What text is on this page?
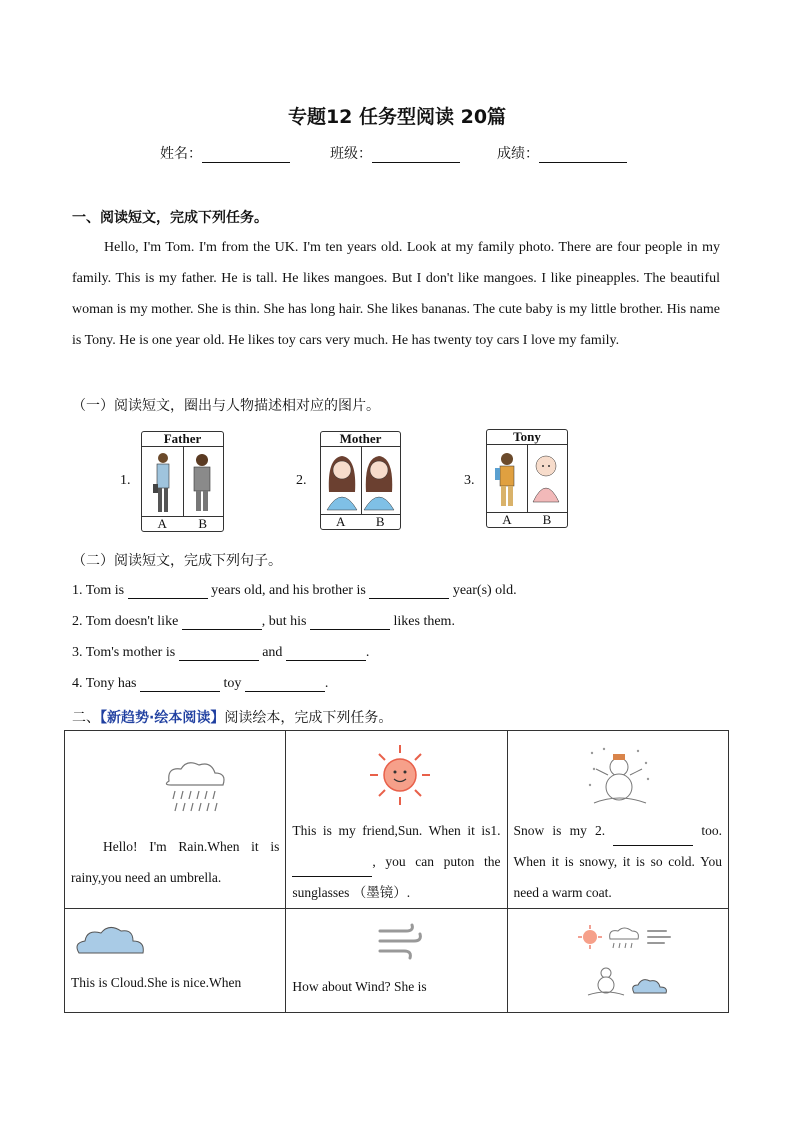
专题12 任务型阅读 20篇
姓名：	班级：	成绩：
一、阅读短文，完成下列任务。
Hello, I'm Tom. I'm from the UK. I'm ten years old. Look at my family photo. There are four people in my family. This is my father. He is tall. He likes mangoes. But I don't like mangoes. I like pineapples. The beautiful woman is my mother. She is thin. She has long hair. She likes bananas. The cute baby is my little brother. His name is Tony. He is one year old. He likes toy cars very much. He has twenty toy cars I love my family.
（一）阅读短文，圈出与人物描述相对应的图片。
1.
Father
A	B
2.
Mother
A	B
3.
Tony
A	B
（二）阅读短文，完成下列句子。
1. Tom is	years old, and his brother is	year(s) old.
2. Tom doesn't like	, but his	likes them.
3. Tom's mother is	and	.
4. Tony has	toy	.
二、【新趋势·绘本阅读】阅读绘本，完成下列任务。
Hello! I'm Rain.When it is rainy,you need an umbrella.	This is my friend,Sun. When it is1. , you can puton the sunglasses （墨镜）.	Snow is my 2. too. When it is snowy, it is so cold. You need a warm coat.

This is Cloud.She is nice.When	How about Wind? She is
